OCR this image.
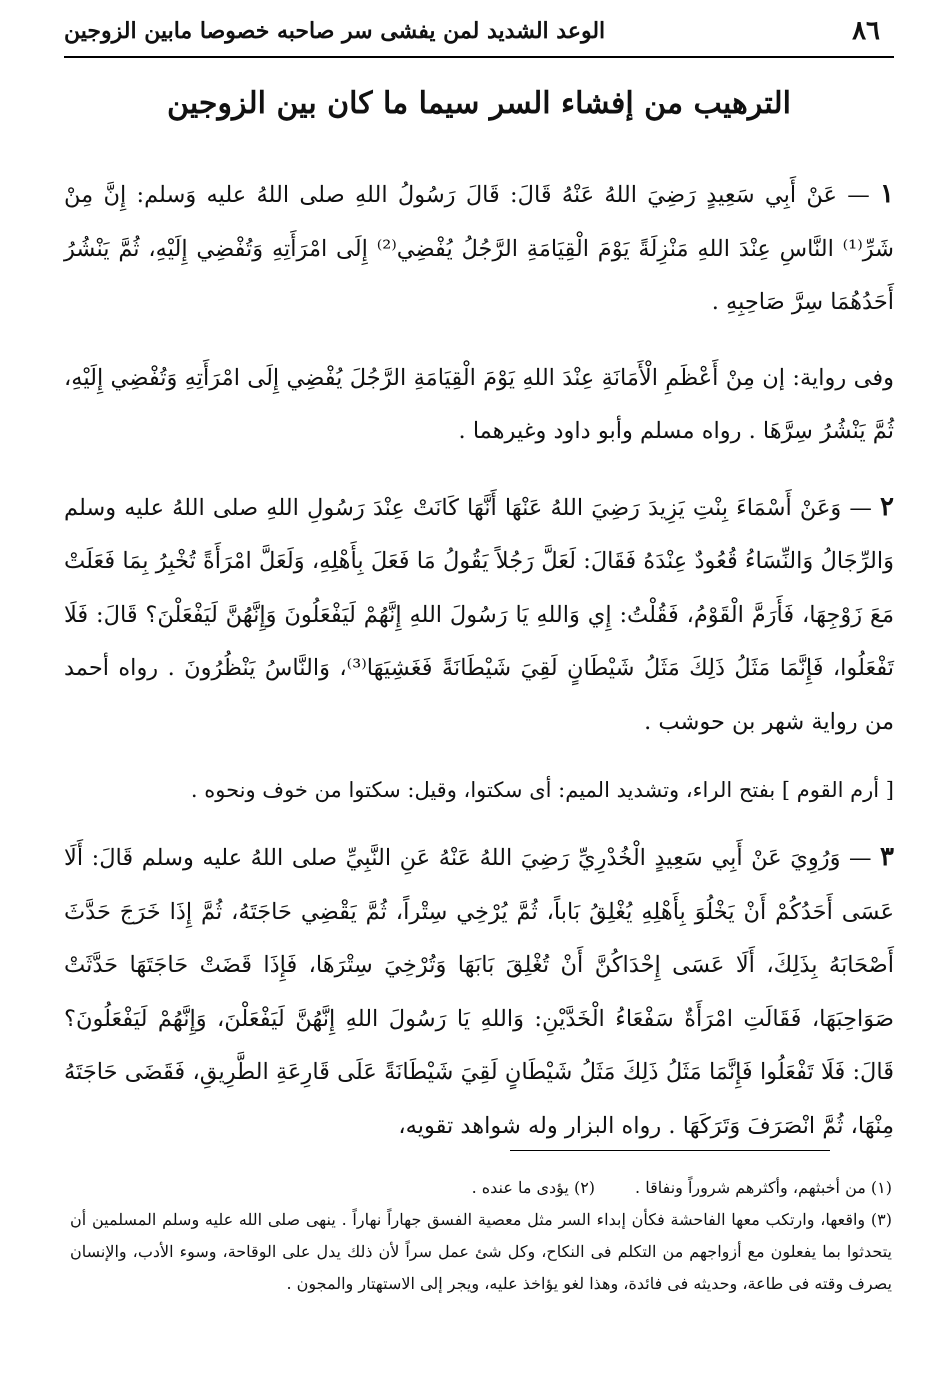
الوعد الشديد لمن يفشى سر صاحبه خصوصا مابين الزوجين	٨٦
الترهيب من إفشاء السر سيما ما كان بين الزوجين

١ — عَنْ أَبِي سَعِيدٍ رَضِيَ اللهُ عَنْهُ قَالَ: قَالَ رَسُولُ اللهِ صلى اللهُ عليه وَسلم: إِنَّ مِنْ شَرِّ⁽¹⁾ النَّاسِ عِنْدَ اللهِ مَنْزِلَةً يَوْمَ الْقِيَامَةِ الرَّجُلُ يُفْضِي⁽²⁾ إِلَى امْرَأَتِهِ وَتُفْضِي إِلَيْهِ، ثُمَّ يَنْشُرُ أَحَدُهُمَا سِرَّ صَاحِبِهِ .

وفى رواية: إن مِنْ أَعْظَمِ الْأَمَانَةِ عِنْدَ اللهِ يَوْمَ الْقِيَامَةِ الرَّجُلَ يُفْضِي إِلَى امْرَأَتِهِ وَتُفْضِي إِلَيْهِ، ثُمَّ يَنْشُرُ سِرَّهَا . رواه مسلم وأبو داود وغيرهما .

٢ — وَعَنْ أَسْمَاءَ بِنْتِ يَزِيدَ رَضِيَ اللهُ عَنْهَا أَنَّهَا كَانَتْ عِنْدَ رَسُولِ اللهِ صلى اللهُ عليه وسلم وَالرِّجَالُ وَالنِّسَاءُ قُعُودٌ عِنْدَهُ فَقَالَ: لَعَلَّ رَجُلاً يَقُولُ مَا فَعَلَ بِأَهْلِهِ، وَلَعَلَّ امْرَأَةً تُخْبِرُ بِمَا فَعَلَتْ مَعَ زَوْجِهَا، فَأَرَمَّ الْقَوْمُ، فَقُلْتُ: إِي وَاللهِ يَا رَسُولَ اللهِ إِنَّهُمْ لَيَفْعَلُونَ وَإِنَّهُنَّ لَيَفْعَلْنَ؟ قَالَ: فَلَا تَفْعَلُوا، فَإِنَّمَا مَثَلُ ذَلِكَ مَثَلُ شَيْطَانٍ لَقِيَ شَيْطَانَةً فَغَشِيَهَا⁽³⁾، وَالنَّاسُ يَنْظُرُونَ . رواه أحمد من رواية شهر بن حوشب .

[ أرم القوم ] بفتح الراء، وتشديد الميم: أى سكتوا، وقيل: سكتوا من خوف ونحوه .

٣ — وَرُوِيَ عَنْ أَبِي سَعِيدٍ الْخُدْرِيِّ رَضِيَ اللهُ عَنْهُ عَنِ النَّبِيِّ صلى اللهُ عليه وسلم قَالَ: أَلَا عَسَى أَحَدُكُمْ أَنْ يَخْلُوَ بِأَهْلِهِ يُغْلِقُ بَاباً، ثُمَّ يُرْخِي سِتْراً، ثُمَّ يَقْضِي حَاجَتَهُ، ثُمَّ إِذَا خَرَجَ حَدَّثَ أَصْحَابَهُ بِذَلِكَ، أَلَا عَسَى إِحْدَاكُنَّ أَنْ تُغْلِقَ بَابَهَا وَتُرْخِيَ سِتْرَهَا، فَإِذَا قَضَتْ حَاجَتَهَا حَدَّثَتْ صَوَاحِبَهَا، فَقَالَتِ امْرَأَةٌ سَفْعَاءُ الْخَدَّيْنِ: وَاللهِ يَا رَسُولَ اللهِ إِنَّهُنَّ لَيَفْعَلْنَ، وَإِنَّهُمْ لَيَفْعَلُونَ؟ قَالَ: فَلَا تَفْعَلُوا فَإِنَّمَا مَثَلُ ذَلِكَ مَثَلُ شَيْطَانٍ لَقِيَ شَيْطَانَةً عَلَى قَارِعَةِ الطَّرِيقِ، فَقَضَى حَاجَتَهُ مِنْهَا، ثُمَّ انْصَرَفَ وَتَرَكَهَا . رواه البزار وله شواهد تقويه،

(١) من أخبثهم، وأكثرهم شروراً ونفاقا .
(٢) يؤدى ما عنده .

(٣) واقعها، وارتكب معها الفاحشة فكأن إبداء السر مثل معصية الفسق جهاراً نهاراً . ينهى صلى الله عليه وسلم المسلمين أن يتحدثوا بما يفعلون مع أزواجهم من التكلم فى النكاح، وكل شئ عمل سراً لأن ذلك يدل على الوقاحة، وسوء الأدب، والإنسان يصرف وقته فى طاعة، وحديثه فى فائدة، وهذا لغو يؤاخذ عليه، ويجر إلى الاستهتار والمجون .
